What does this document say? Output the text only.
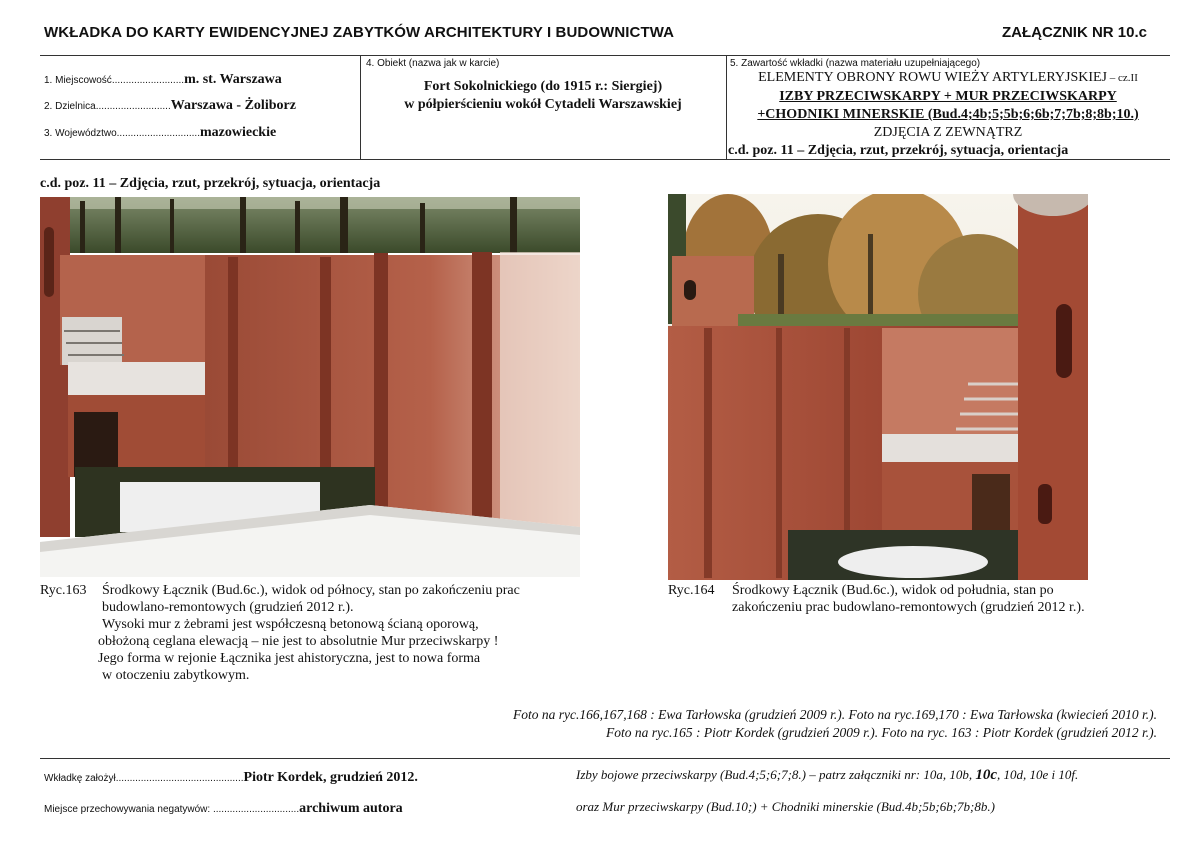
WKŁADKA DO KARTY EWIDENCYJNEJ ZABYTKÓW ARCHITEKTURY I BUDOWNICTWA	ZAŁĄCZNIK NR 10.c
1. Miejscowość..........................m. st. Warszawa
2. Dzielnica...........................Warszawa - Żoliborz
3. Województwo..............................mazowieckie
4. Obiekt (nazwa jak w karcie)
Fort Sokolnickiego (do 1915 r.: Siergiej)
w półpierścieniu wokół Cytadeli Warszawskiej
5. Zawartość wkładki (nazwa materiału uzupełniającego)
ELEMENTY OBRONY ROWU WIEŻY ARTYLERYJSKIEJ – cz.II
IZBY PRZECIWSKARPY + MUR PRZECIWSKARPY
+CHODNIKI MINERSKIE (Bud.4;4b;5;5b;6;6b;7;7b;8;8b;10.)
ZDJĘCIA Z ZEWNĄTRZ
c.d. poz. 11 – Zdjęcia, rzut, przekrój, sytuacja, orientacja
c.d. poz. 11 – Zdjęcia, rzut, przekrój, sytuacja, orientacja
Ryc.163 Środkowy Łącznik (Bud.6c.), widok od północy, stan po zakończeniu prac
budowlano-remontowych (grudzień 2012 r.).
Wysoki mur z żebrami jest współczesną betonową ścianą oporową,
obłożoną ceglana elewacją – nie jest to absolutnie Mur przeciwskarpy !
Jego forma w rejonie Łącznika jest ahistoryczna, jest to nowa forma
w otoczeniu zabytkowym.
Ryc.164 Środkowy Łącznik (Bud.6c.), widok od południa, stan po
zakończeniu prac budowlano-remontowych (grudzień 2012 r.).
Foto na ryc.166,167,168 : Ewa Tarłowska (grudzień 2009 r.). Foto na ryc.169,170 : Ewa Tarłowska (kwiecień 2010 r.).
Foto na ryc.165 : Piotr Kordek (grudzień 2009 r.). Foto na ryc. 163 : Piotr Kordek (grudzień 2012 r.).
Wkładkę założył..............................................Piotr Kordek, grudzień 2012.
Miejsce przechowywania negatywów: ...............................archiwum autora
Izby bojowe przeciwskarpy (Bud.4;5;6;7;8.) – patrz załączniki nr: 10a, 10b, 10c, 10d, 10e i 10f.
oraz Mur przeciwskarpy (Bud.10;) + Chodniki minerskie (Bud.4b;5b;6b;7b;8b.)
